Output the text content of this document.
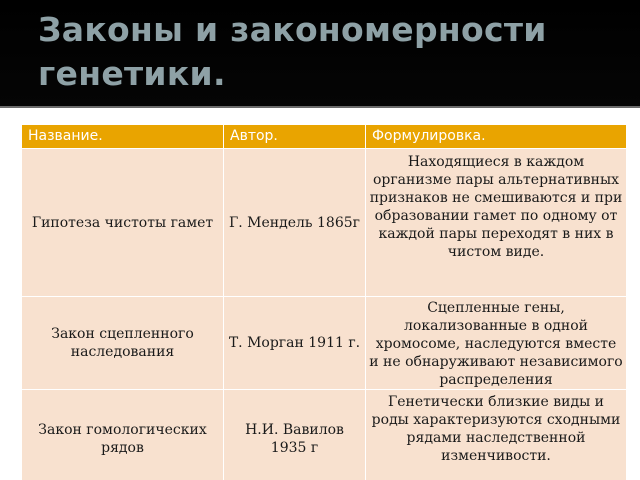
Законы и закономерности генетики.
Название.	Автор.	Формулировка.
Гипотеза чистоты гамет	Г. Мендель 1865г	Находящиеся в каждом организме пары альтернативных признаков не смешиваются и при образовании гамет по одному от каждой пары переходят в них в чистом виде.
Закон сцепленного наследования	Т. Морган 1911 г.	Сцепленные гены, локализованные в одной хромосоме, наследуются вместе и не обнаруживают независимого распределения
Закон гомологических рядов	Н.И. Вавилов 1935 г	Генетически близкие виды и роды характеризуются сходными рядами наследственной изменчивости.
